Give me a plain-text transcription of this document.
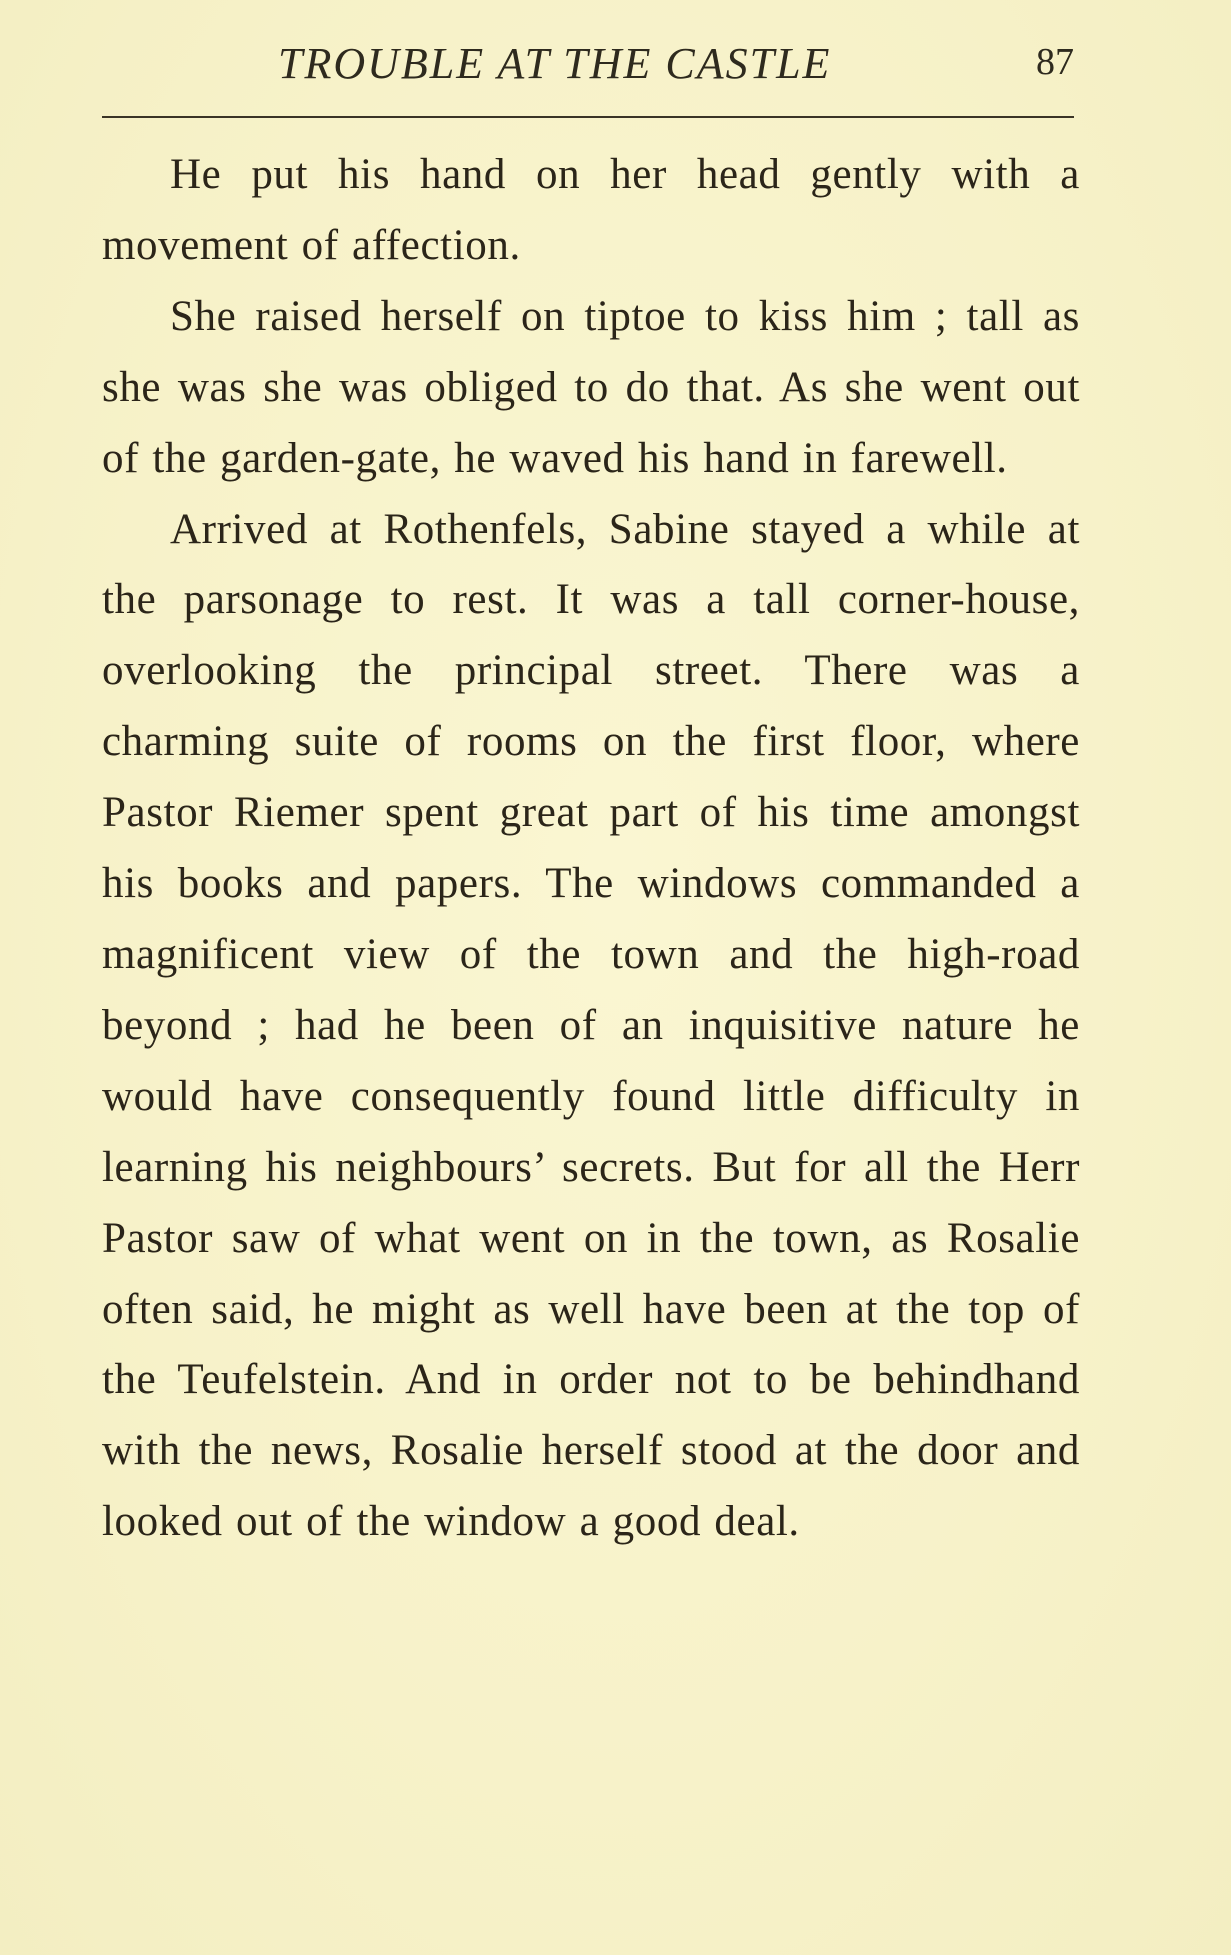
TROUBLE AT THE CASTLE	87

He put his hand on her head gently with a movement of affection.

She raised herself on tiptoe to kiss him ; tall as she was she was obliged to do that. As she went out of the garden-gate, he waved his hand in farewell.

Arrived at Rothenfels, Sabine stayed a while at the parsonage to rest. It was a tall corner-house, overlooking the principal street. There was a charming suite of rooms on the first floor, where Pastor Riemer spent great part of his time amongst his books and papers. The windows commanded a magnificent view of the town and the high-road beyond ; had he been of an inquisitive nature he would have consequently found little difficulty in learning his neighbours’ secrets. But for all the Herr Pastor saw of what went on in the town, as Rosalie often said, he might as well have been at the top of the Teufelstein. And in order not to be behindhand with the news, Rosalie herself stood at the door and looked out of the window a good deal.
